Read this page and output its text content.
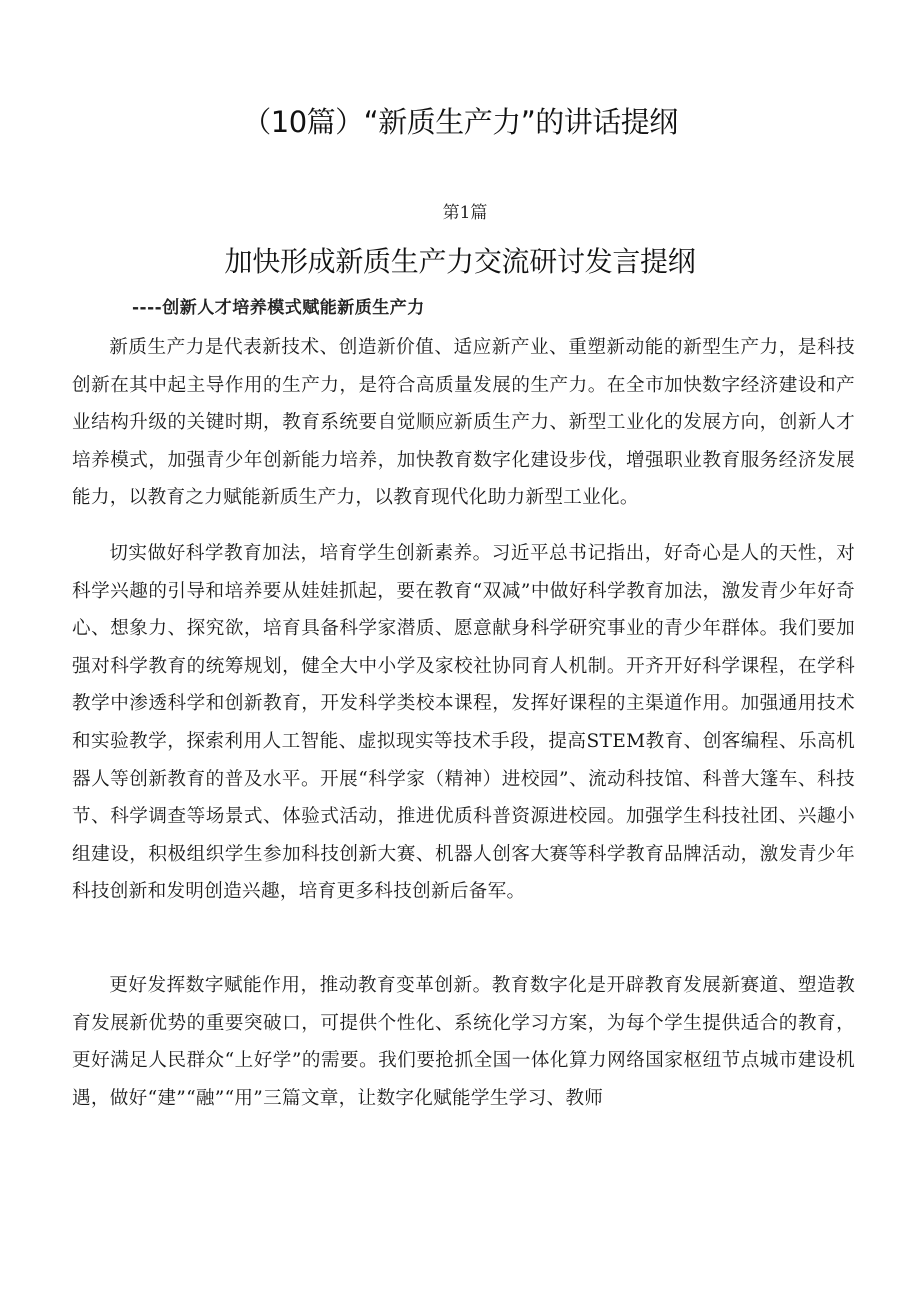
（10篇）“新质生产力”的讲话提纲
第1篇
加快形成新质生产力交流研讨发言提纲
----创新人才培养模式赋能新质生产力

新质生产力是代表新技术、创造新价值、适应新产业、重塑新动能的新型生产力，是科技创新在其中起主导作用的生产力，是符合高质量发展的生产力。在全市加快数字经济建设和产业结构升级的关键时期，教育系统要自觉顺应新质生产力、新型工业化的发展方向，创新人才培养模式，加强青少年创新能力培养，加快教育数字化建设步伐，增强职业教育服务经济发展能力，以教育之力赋能新质生产力，以教育现代化助力新型工业化。

切实做好科学教育加法，培育学生创新素养。习近平总书记指出，好奇心是人的天性，对科学兴趣的引导和培养要从娃娃抓起，要在教育“双减”中做好科学教育加法，激发青少年好奇心、想象力、探究欲，培育具备科学家潜质、愿意献身科学研究事业的青少年群体。我们要加强对科学教育的统筹规划，健全大中小学及家校社协同育人机制。开齐开好科学课程，在学科教学中渗透科学和创新教育，开发科学类校本课程，发挥好课程的主渠道作用。加强通用技术和实验教学，探索利用人工智能、虚拟现实等技术手段，提高STEM教育、创客编程、乐高机器人等创新教育的普及水平。开展“科学家（精神）进校园”、流动科技馆、科普大篷车、科技节、科学调查等场景式、体验式活动，推进优质科普资源进校园。加强学生科技社团、兴趣小组建设，积极组织学生参加科技创新大赛、机器人创客大赛等科学教育品牌活动，激发青少年科技创新和发明创造兴趣，培育更多科技创新后备军。

更好发挥数字赋能作用，推动教育变革创新。教育数字化是开辟教育发展新赛道、塑造教育发展新优势的重要突破口，可提供个性化、系统化学习方案，为每个学生提供适合的教育，更好满足人民群众“上好学”的需要。我们要抢抓全国一体化算力网络国家枢纽节点城市建设机遇，做好“建”“融”“用”三篇文章，让数字化赋能学生学习、教师
